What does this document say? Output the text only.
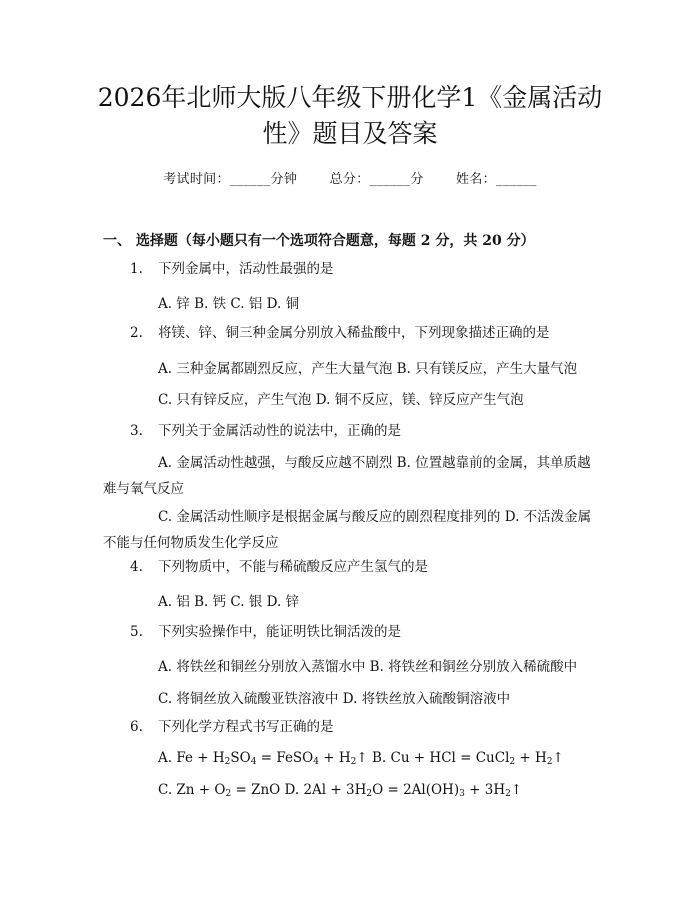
2026年北师大版八年级下册化学1《金属活动性》题目及答案
考试时间：______分钟 总分：______分 姓名：______
一、 选择题（每小题只有一个选项符合题意，每题 2 分，共 20 分）
1. 下列金属中，活动性最强的是
A. 锌 B. 铁 C. 铝 D. 铜
2. 将镁、锌、铜三种金属分别放入稀盐酸中，下列现象描述正确的是
A. 三种金属都剧烈反应，产生大量气泡 B. 只有镁反应，产生大量气泡
C. 只有锌反应，产生气泡 D. 铜不反应，镁、锌反应产生气泡
3. 下列关于金属活动性的说法中，正确的是
A. 金属活动性越强，与酸反应越不剧烈 B. 位置越靠前的金属，其单质越难与氧气反应
C. 金属活动性顺序是根据金属与酸反应的剧烈程度排列的 D. 不活泼金属不能与任何物质发生化学反应
4. 下列物质中，不能与稀硫酸反应产生氢气的是
A. 铝 B. 钙 C. 银 D. 锌
5. 下列实验操作中，能证明铁比铜活泼的是
A. 将铁丝和铜丝分别放入蒸馏水中 B. 将铁丝和铜丝分别放入稀硫酸中
C. 将铜丝放入硫酸亚铁溶液中 D. 将铁丝放入硫酸铜溶液中
6. 下列化学方程式书写正确的是
A. $Fe + H_2SO_4$ = FeSO$_4$ + $H_2↑$ B. Cu + HCl = CuCl$_2$ + $H_2↑$
C. $Zn + O_2$ = ZnO D. $2Al + 3H_2O = 2Al(OH)_3$ + $3H_2↑$
